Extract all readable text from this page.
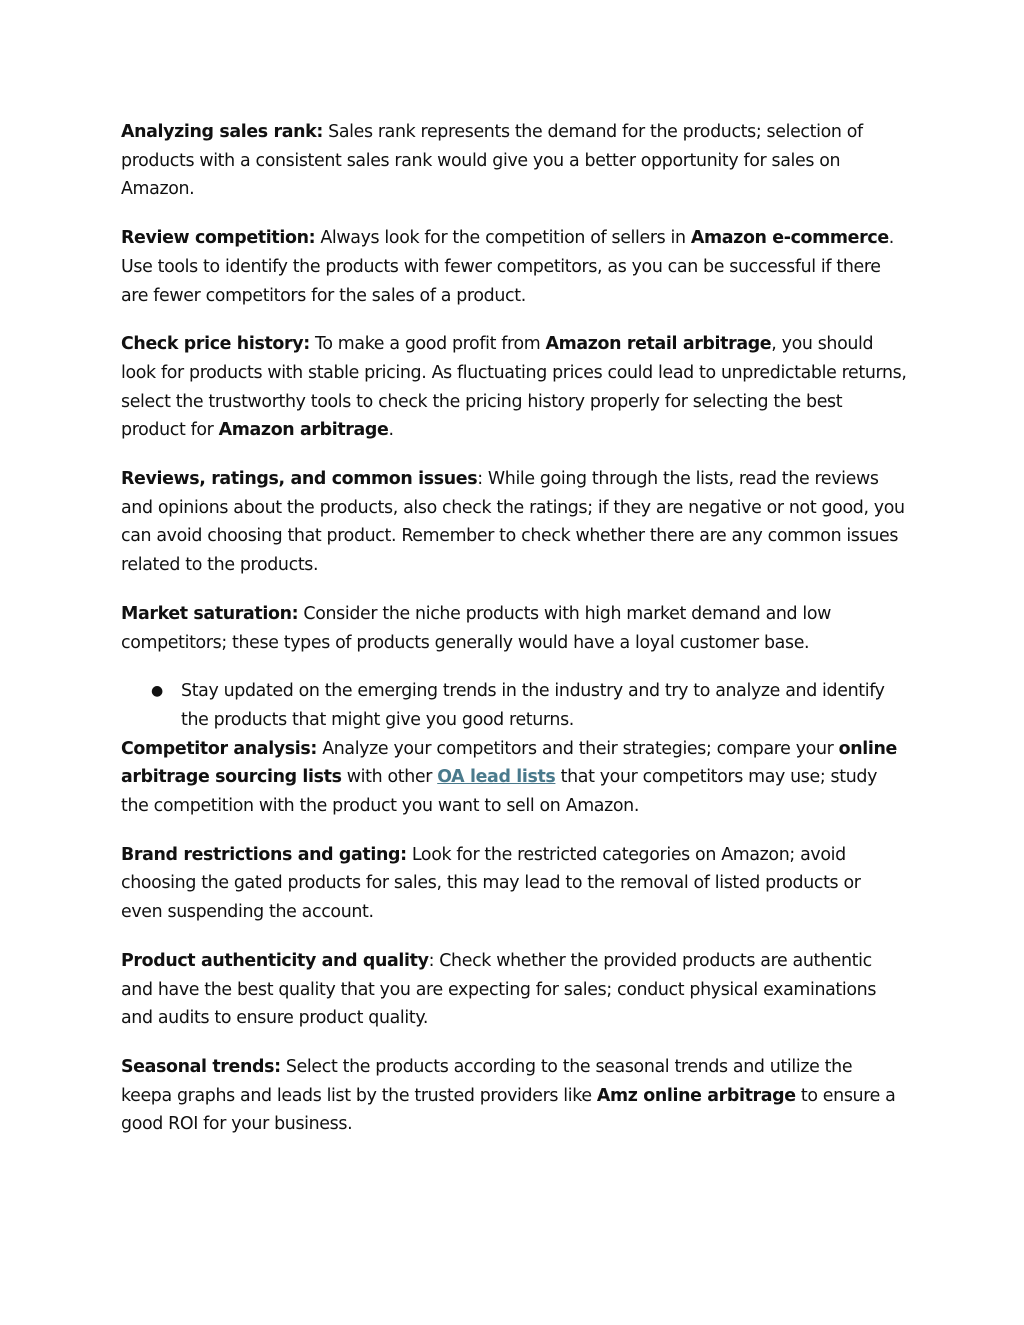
Analyzing sales rank: Sales rank represents the demand for the products; selection of products with a consistent sales rank would give you a better opportunity for sales on Amazon.

Review competition: Always look for the competition of sellers in Amazon e-commerce. Use tools to identify the products with fewer competitors, as you can be successful if there are fewer competitors for the sales of a product.

Check price history: To make a good profit from Amazon retail arbitrage, you should look for products with stable pricing. As fluctuating prices could lead to unpredictable returns, select the trustworthy tools to check the pricing history properly for selecting the best product for Amazon arbitrage.

Reviews, ratings, and common issues: While going through the lists, read the reviews and opinions about the products, also check the ratings; if they are negative or not good, you can avoid choosing that product. Remember to check whether there are any common issues related to the products.

Market saturation: Consider the niche products with high market demand and low competitors; these types of products generally would have a loyal customer base.

● Stay updated on the emerging trends in the industry and try to analyze and identify the products that might give you good returns.

Competitor analysis: Analyze your competitors and their strategies; compare your online arbitrage sourcing lists with other OA lead lists that your competitors may use; study the competition with the product you want to sell on Amazon.

Brand restrictions and gating: Look for the restricted categories on Amazon; avoid choosing the gated products for sales, this may lead to the removal of listed products or even suspending the account.

Product authenticity and quality: Check whether the provided products are authentic and have the best quality that you are expecting for sales; conduct physical examinations and audits to ensure product quality.

Seasonal trends: Select the products according to the seasonal trends and utilize the keepa graphs and leads list by the trusted providers like Amz online arbitrage to ensure a good ROI for your business.
